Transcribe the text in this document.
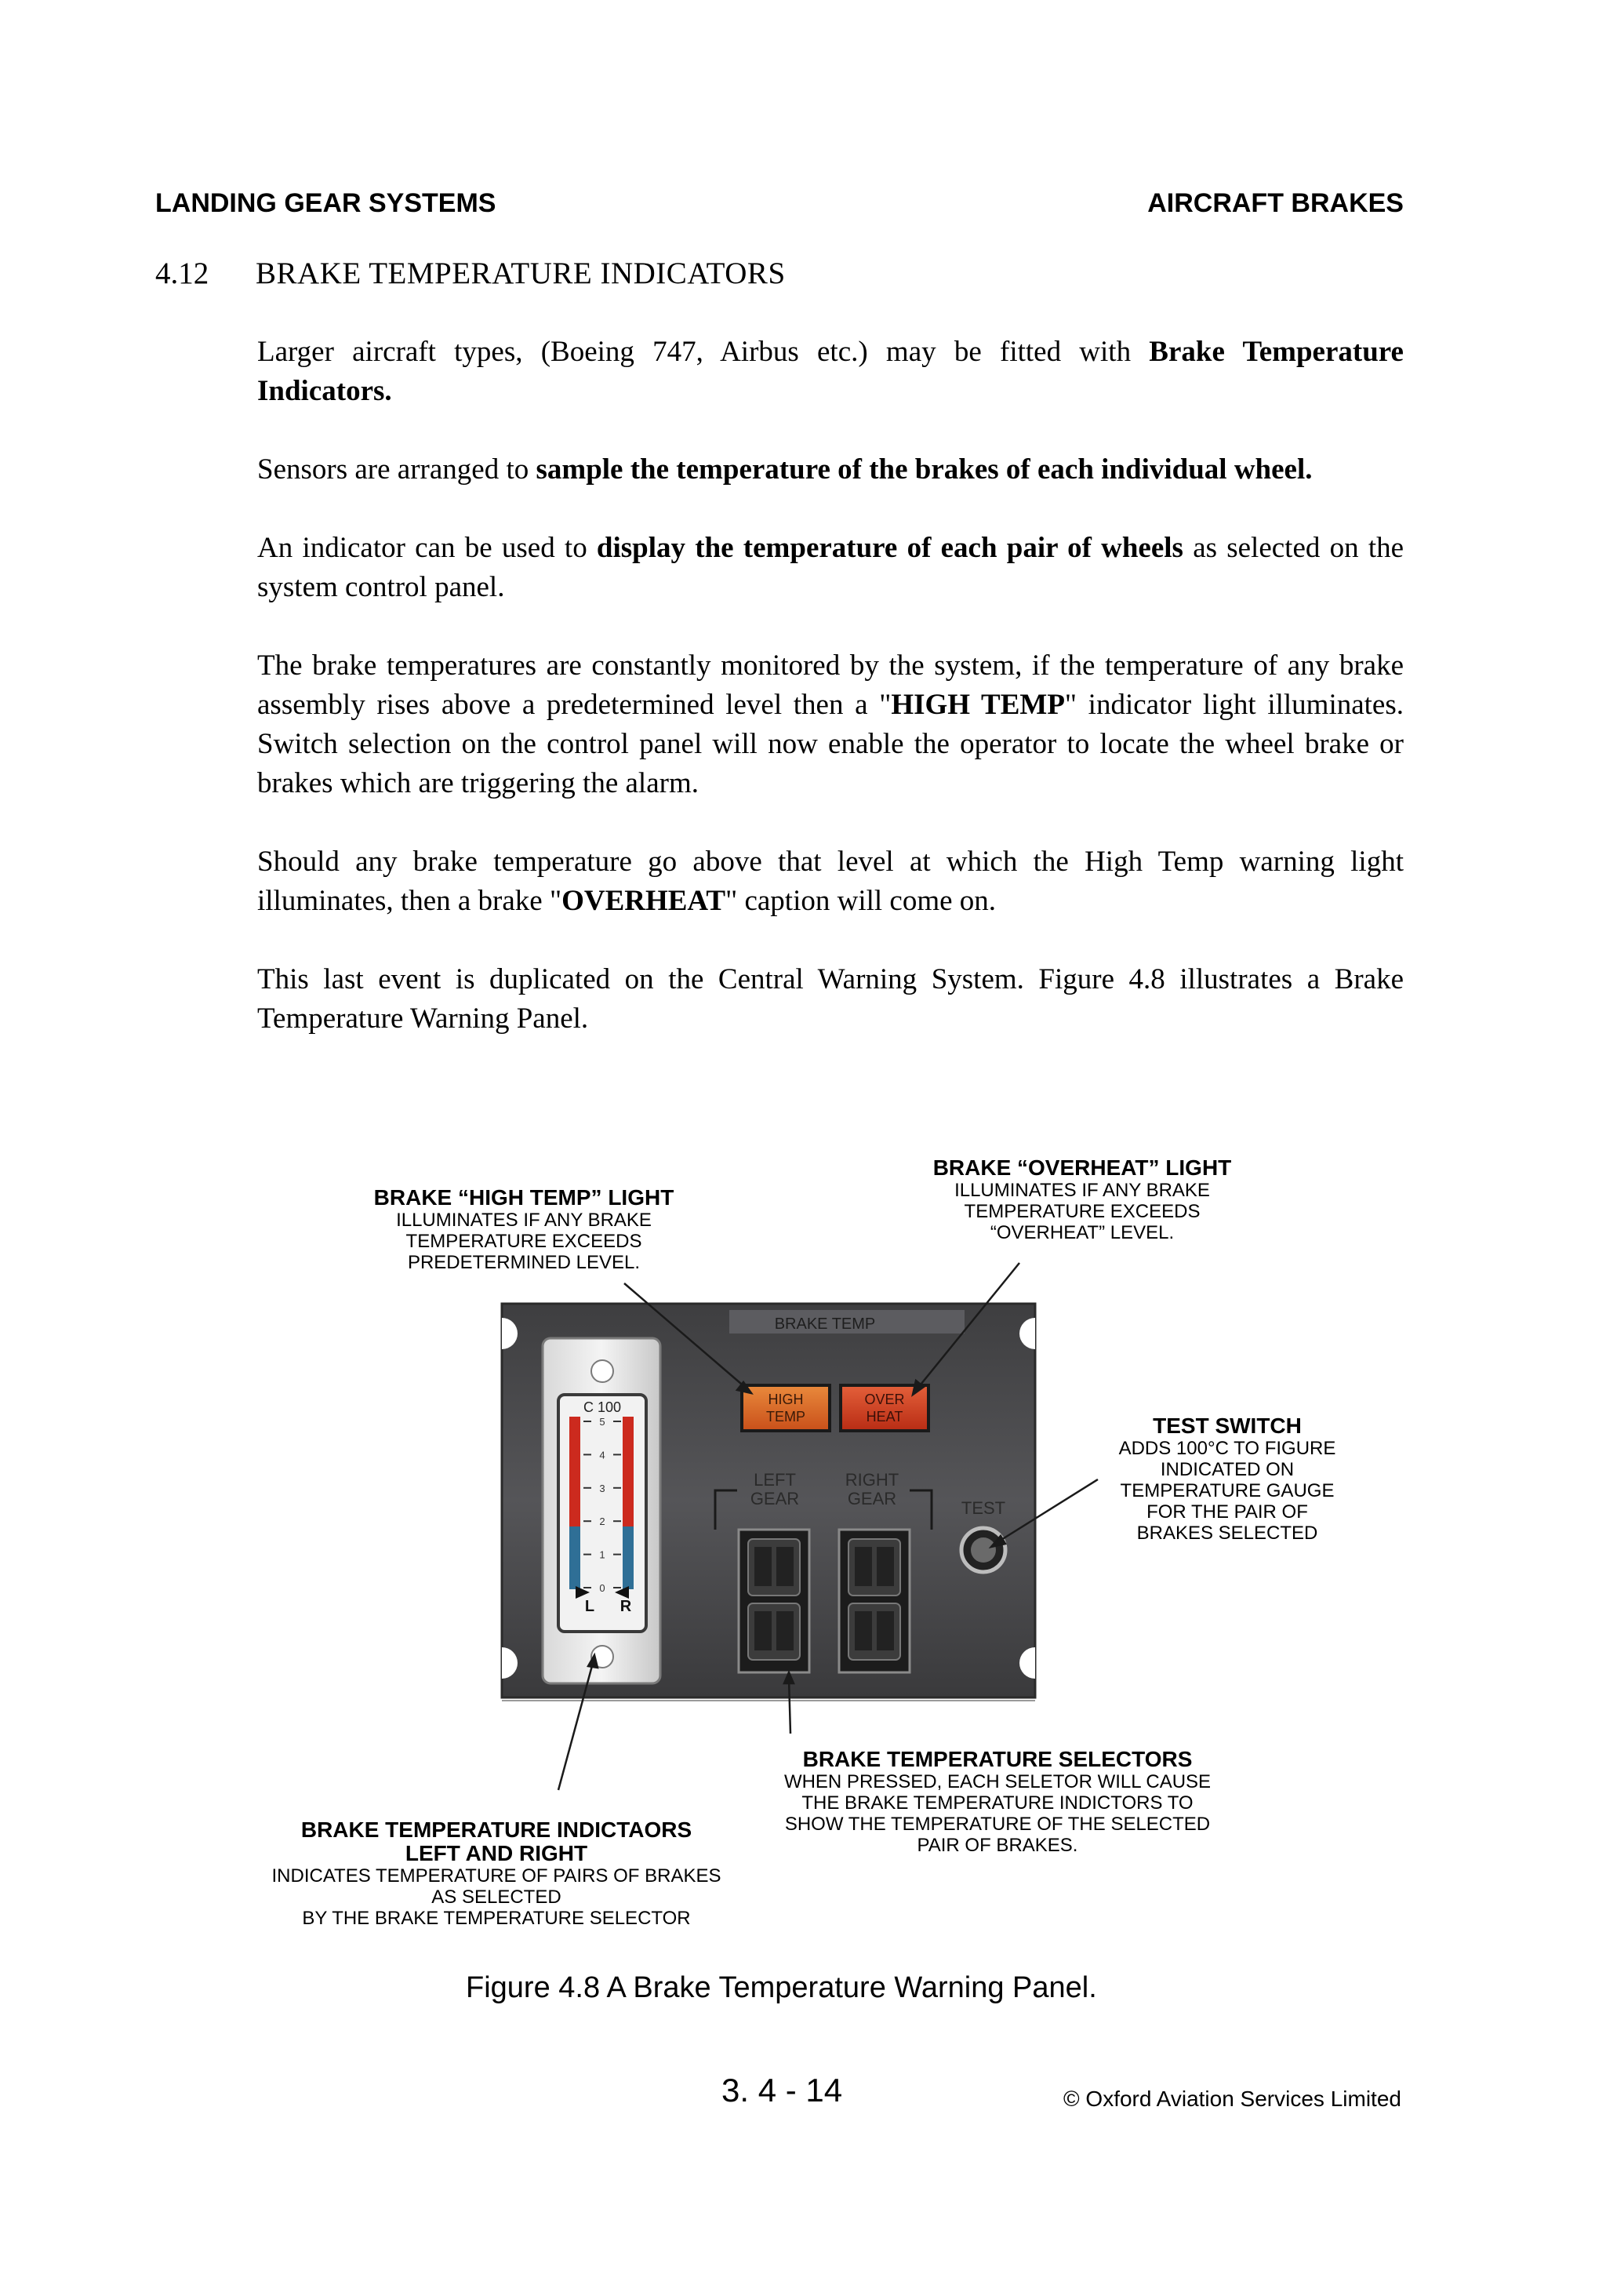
LANDING GEAR SYSTEMS	AIRCRAFT BRAKES
4.12 BRAKE TEMPERATURE INDICATORS

Larger aircraft types, (Boeing 747, Airbus etc.) may be fitted with Brake Temperature Indicators.

Sensors are arranged to sample the temperature of the brakes of each individual wheel.

An indicator can be used to display the temperature of each pair of wheels as selected on the system control panel.

The brake temperatures are constantly monitored by the system, if the temperature of any brake assembly rises above a predetermined level then a "HIGH TEMP" indicator light illuminates. Switch selection on the control panel will now enable the operator to locate the wheel brake or brakes which are triggering the alarm.

Should any brake temperature go above that level at which the High Temp warning light illuminates, then a brake "OVERHEAT" caption will come on.

This last event is duplicated on the Central Warning System. Figure 4.8 illustrates a Brake Temperature Warning Panel.

BRAKE TEMP
C 100
5
4
3
2
1
0
L R
HIGH
TEMP
OVER
HEAT
LEFT
GEAR
RIGHT
GEAR	TEST
BRAKE “HIGH TEMP” LIGHT
ILLUMINATES IF ANY BRAKE
TEMPERATURE EXCEEDS
PREDETERMINED LEVEL.
BRAKE “OVERHEAT” LIGHT
ILLUMINATES IF ANY BRAKE
TEMPERATURE EXCEEDS
“OVERHEAT” LEVEL.
TEST SWITCH
ADDS 100°C TO FIGURE
INDICATED ON
TEMPERATURE GAUGE
FOR THE PAIR OF
BRAKES SELECTED
BRAKE TEMPERATURE SELECTORS
WHEN PRESSED, EACH SELETOR WILL CAUSE
THE BRAKE TEMPERATURE INDICTORS TO
SHOW THE TEMPERATURE OF THE SELECTED
PAIR OF BRAKES.
BRAKE TEMPERATURE INDICTAORS
LEFT AND RIGHT
INDICATES TEMPERATURE OF PAIRS OF BRAKES
AS SELECTED
BY THE BRAKE TEMPERATURE SELECTOR
Figure 4.8 A Brake Temperature Warning Panel.
3. 4 - 14	© Oxford Aviation Services Limited
